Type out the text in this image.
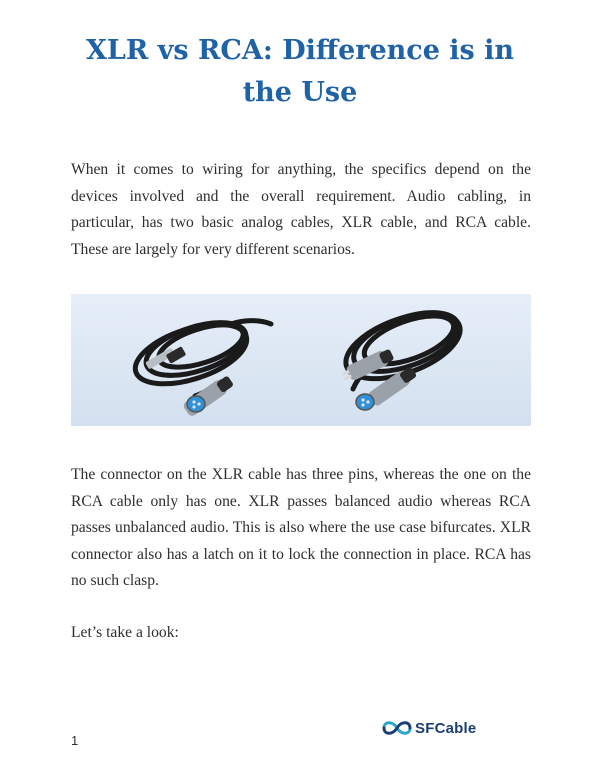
XLR vs RCA: Difference is in the Use

When it comes to wiring for anything, the specifics depend on the devices involved and the overall requirement. Audio cabling, in particular, has two basic analog cables, XLR cable, and RCA cable. These are largely for very different scenarios.

The connector on the XLR cable has three pins, whereas the one on the RCA cable only has one. XLR passes balanced audio whereas RCA passes unbalanced audio. This is also where the use case bifurcates. XLR connector also has a latch on it to lock the connection in place. RCA has no such clasp.

Let’s take a look:

1
SFCable
